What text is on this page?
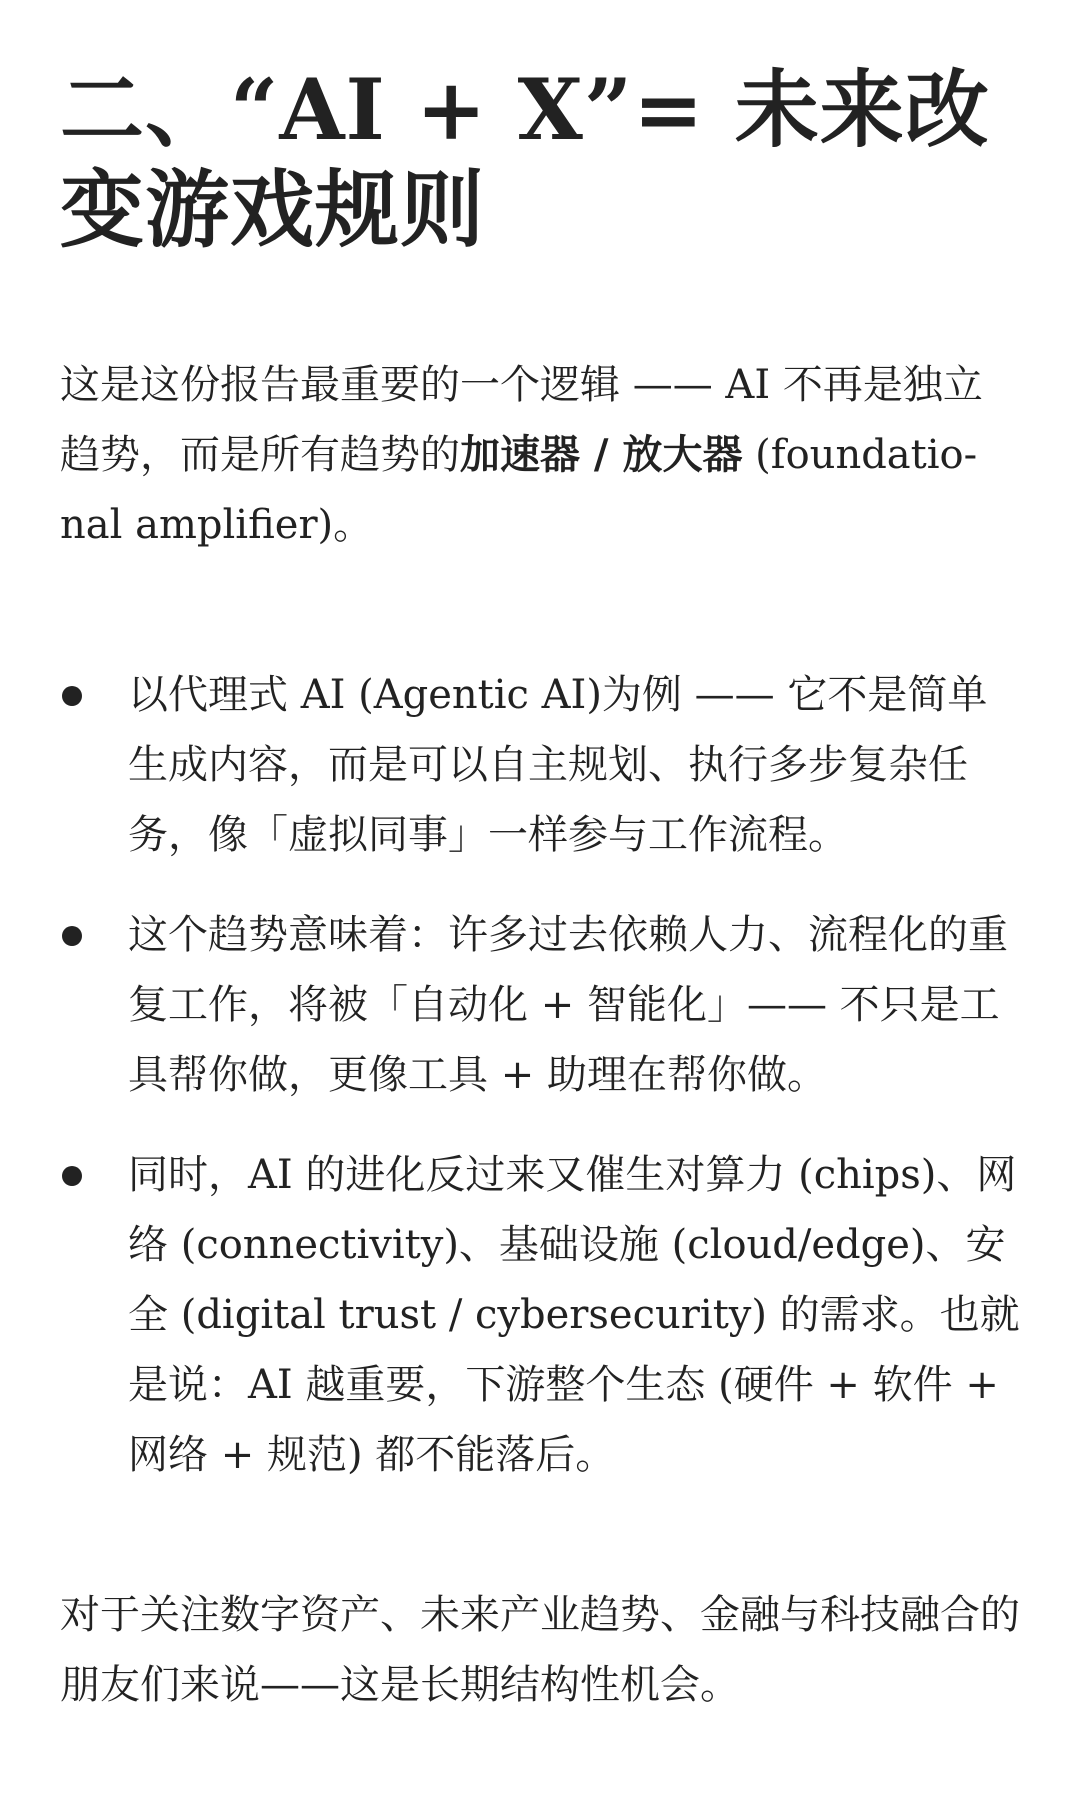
二、“AI + X”= 未来改变游戏规则

这是这份报告最重要的一个逻辑 —— AI 不再是独立趋势，而是所有趋势的加速器 / 放大器 (foundatio-nal amplifier)。

以代理式 AI (Agentic AI)为例 —— 它不是简单生成内容，而是可以自主规划、执行多步复杂任务，像「虚拟同事」一样参与工作流程。
这个趋势意味着：许多过去依赖人力、流程化的重复工作，将被「自动化 + 智能化」—— 不只是工具帮你做，更像工具 + 助理在帮你做。
同时，AI 的进化反过来又催生对算力 (chips)、网络 (connectivity)、基础设施 (cloud/edge)、安全 (digital trust / cybersecurity) 的需求。也就是说：AI 越重要，下游整个生态 (硬件 + 软件 + 网络 + 规范) 都不能落后。

对于关注数字资产、未来产业趋势、金融与科技融合的朋友们来说——这是长期结构性机会。
